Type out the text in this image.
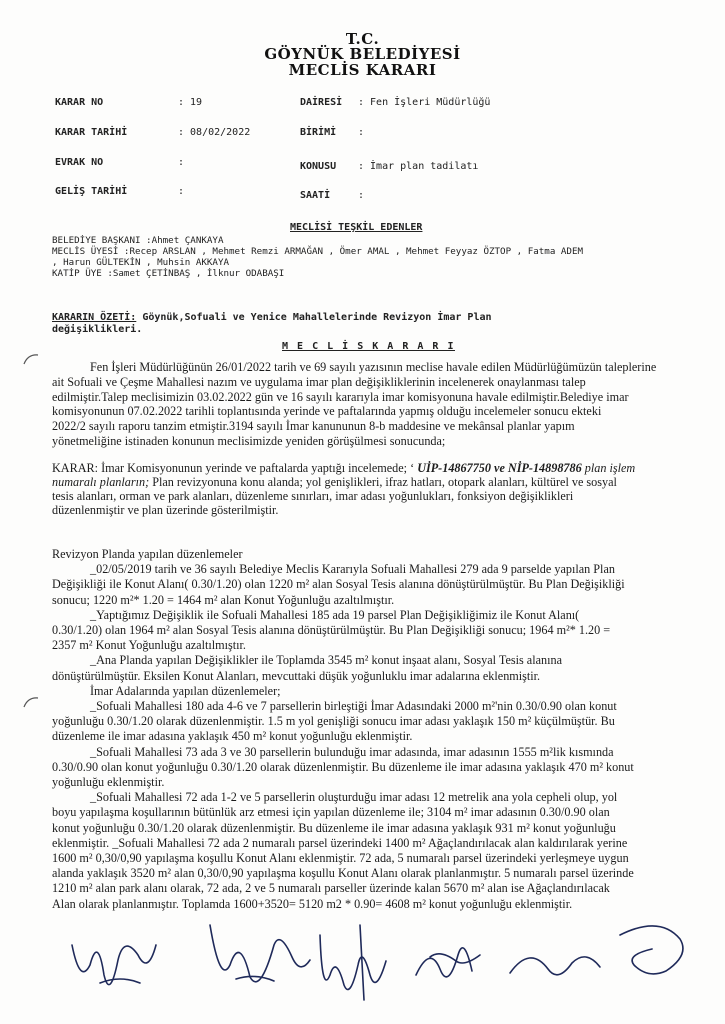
T.C.
GÖYNÜK BELEDİYESİ
MECLİS KARARI
KARAR NO	: 19	DAİRESİ : Fen İşleri Müdürlüğü
KARAR TARİHİ	: 08/02/2022	BİRİMİ :
EVRAK NO	:	KONUSU : İmar plan tadilatı
GELİŞ TARİHİ	:	SAATİ	:
MECLİSİ TEŞKİL EDENLER
BELEDİYE BAŞKANI :Ahmet ÇANKAYA
MECLİS ÜYESİ :Recep ARSLAN , Mehmet Remzi ARMAĞAN , Ömer AMAL , Mehmet Feyyaz ÖZTOP , Fatma ADEM
, Harun GÜLTEKİN , Muhsin AKKAYA
KATİP ÜYE :Samet ÇETİNBAŞ , İlknur ODABAŞI
KARARIN ÖZETİ: Göynük,Sofuali ve Yenice Mahallelerinde Revizyon İmar Plan
değişiklikleri.
M E C L İ S K A R A R I
Fen İşleri Müdürlüğünün 26/01/2022 tarih ve 69 sayılı yazısının meclise havale edilen Müdürlüğümüzün taleplerine
ait Sofuali ve Çeşme Mahallesi nazım ve uygulama imar plan değişikliklerinin incelenerek onaylanması talep
edilmiştir.Talep meclisimizin 03.02.2022 gün ve 16 sayılı kararıyla imar komisyonuna havale edilmiştir.Belediye imar
komisyonunun 07.02.2022 tarihli toplantısında yerinde ve paftalarında yapmış olduğu incelemeler sonucu ekteki
2022/2 sayılı raporu tanzim etmiştir.3194 sayılı İmar kanununun 8-b maddesine ve mekânsal planlar yapım
yönetmeliğine istinaden konunun meclisimizde yeniden görüşülmesi sonucunda;
KARAR: İmar Komisyonunun yerinde ve paftalarda yaptığı incelemede; ‘ UİP-14867750 ve NİP-14898786 plan işlem
numaralı planların; Plan revizyonuna konu alanda; yol genişlikleri, ifraz hatları, otopark alanları, kültürel ve sosyal
tesis alanları, orman ve park alanları, düzenleme sınırları, imar adası yoğunlukları, fonksiyon değişiklikleri
düzenlenmiştir ve plan üzerinde gösterilmiştir.
Revizyon Planda yapılan düzenlemeler
_02/05/2019 tarih ve 36 sayılı Belediye Meclis Kararıyla Sofuali Mahallesi 279 ada 9 parselde yapılan Plan
Değişikliği ile Konut Alanı( 0.30/1.20) olan 1220 m² alan Sosyal Tesis alanına dönüştürülmüştür. Bu Plan Değişikliği
sonucu; 1220 m²* 1.20 = 1464 m² alan Konut Yoğunluğu azaltılmıştır.
_Yaptığımız Değişiklik ile Sofuali Mahallesi 185 ada 19 parsel Plan Değişikliğimiz ile Konut Alanı(
0.30/1.20) olan 1964 m² alan Sosyal Tesis alanına dönüştürülmüştür. Bu Plan Değişikliği sonucu; 1964 m²* 1.20 =
2357 m² Konut Yoğunluğu azaltılmıştır.
_Ana Planda yapılan Değişiklikler ile Toplamda 3545 m² konut inşaat alanı, Sosyal Tesis alanına
dönüştürülmüştür. Eksilen Konut Alanları, mevcuttaki düşük yoğunluklu imar adalarına eklenmiştir.
İmar Adalarında yapılan düzenlemeler;
_Sofuali Mahallesi 180 ada 4-6 ve 7 parsellerin birleştiği İmar Adasındaki 2000 m²'nin 0.30/0.90 olan konut
yoğunluğu 0.30/1.20 olarak düzenlenmiştir. 1.5 m yol genişliği sonucu imar adası yaklaşık 150 m² küçülmüştür. Bu
düzenleme ile imar adasına yaklaşık 450 m² konut yoğunluğu eklenmiştir.
_Sofuali Mahallesi 73 ada 3 ve 30 parsellerin bulunduğu imar adasında, imar adasının 1555 m²lik kısmında
0.30/0.90 olan konut yoğunluğu 0.30/1.20 olarak düzenlenmiştir. Bu düzenleme ile imar adasına yaklaşık 470 m² konut
yoğunluğu eklenmiştir.
_Sofuali Mahallesi 72 ada 1-2 ve 5 parsellerin oluşturduğu imar adası 12 metrelik ana yola cepheli olup, yol
boyu yapılaşma koşullarının bütünlük arz etmesi için yapılan düzenleme ile; 3104 m² imar adasının 0.30/0.90 olan
konut yoğunluğu 0.30/1.20 olarak düzenlenmiştir. Bu düzenleme ile imar adasına yaklaşık 931 m² konut yoğunluğu
eklenmiştir. _Sofuali Mahallesi 72 ada 2 numaralı parsel üzerindeki 1400 m² Ağaçlandırılacak alan kaldırılarak yerine
1600 m² 0,30/0,90 yapılaşma koşullu Konut Alanı eklenmiştir. 72 ada, 5 numaralı parsel üzerindeki yerleşmeye uygun
alanda yaklaşık 3520 m² alan 0,30/0,90 yapılaşma koşullu Konut Alanı olarak planlanmıştır. 5 numaralı parsel üzerinde
1210 m² alan park alanı olarak, 72 ada, 2 ve 5 numaralı parseller üzerinde kalan 5670 m² alan ise Ağaçlandırılacak
Alan olarak planlanmıştır. Toplamda 1600+3520= 5120 m2 * 0.90= 4608 m² konut yoğunluğu eklenmiştir.
